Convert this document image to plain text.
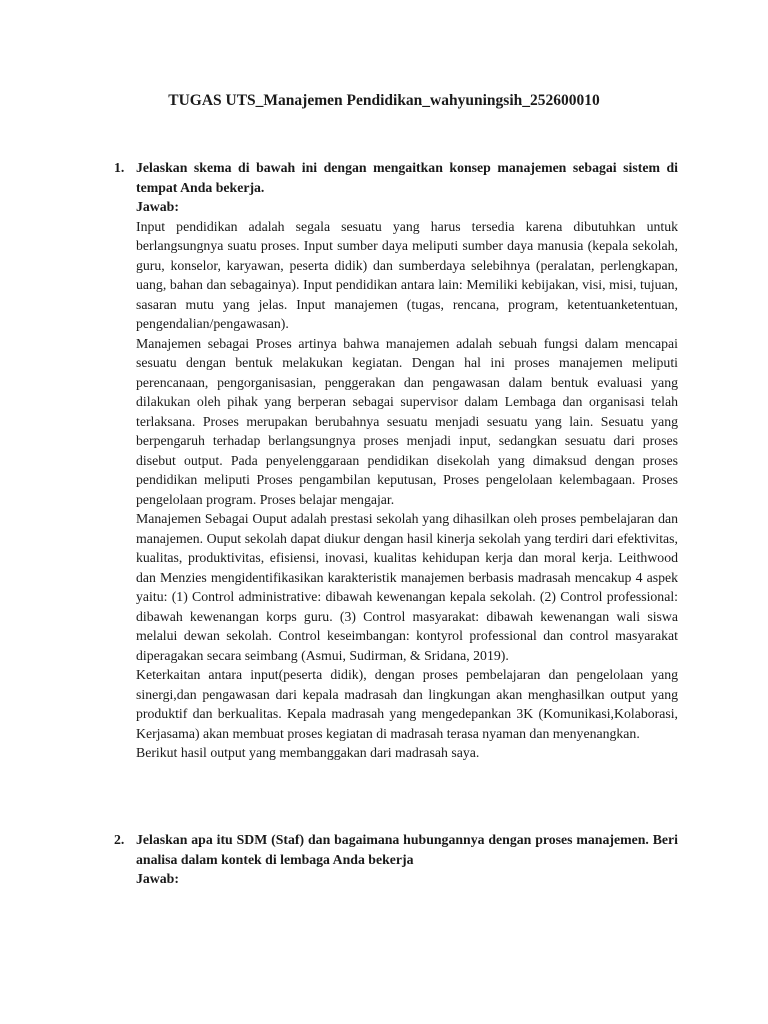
TUGAS UTS_Manajemen Pendidikan_wahyuningsih_252600010
1. Jelaskan skema di bawah ini dengan mengaitkan konsep manajemen sebagai sistem di tempat Anda bekerja.
Jawab:

Input pendidikan adalah segala sesuatu yang harus tersedia karena dibutuhkan untuk berlangsungnya suatu proses. Input sumber daya meliputi sumber daya manusia (kepala sekolah, guru, konselor, karyawan, peserta didik) dan sumberdaya selebihnya (peralatan, perlengkapan, uang, bahan dan sebagainya). Input pendidikan antara lain: Memiliki kebijakan, visi, misi, tujuan, sasaran mutu yang jelas. Input manajemen (tugas, rencana, program, ketentuanketentuan, pengendalian/pengawasan).

Manajemen sebagai Proses artinya bahwa manajemen adalah sebuah fungsi dalam mencapai sesuatu dengan bentuk melakukan kegiatan. Dengan hal ini proses manajemen meliputi perencanaan, pengorganisasian, penggerakan dan pengawasan dalam bentuk evaluasi yang dilakukan oleh pihak yang berperan sebagai supervisor dalam Lembaga dan organisasi telah terlaksana. Proses merupakan berubahnya sesuatu menjadi sesuatu yang lain. Sesuatu yang berpengaruh terhadap berlangsungnya proses menjadi input, sedangkan sesuatu dari proses disebut output. Pada penyelenggaraan pendidikan disekolah yang dimaksud dengan proses pendidikan meliputi Proses pengambilan keputusan, Proses pengelolaan kelembagaan. Proses pengelolaan program. Proses belajar mengajar.

Manajemen Sebagai Ouput adalah prestasi sekolah yang dihasilkan oleh proses pembelajaran dan manajemen. Ouput sekolah dapat diukur dengan hasil kinerja sekolah yang terdiri dari efektivitas, kualitas, produktivitas, efisiensi, inovasi, kualitas kehidupan kerja dan moral kerja. Leithwood dan Menzies mengidentifikasikan karakteristik manajemen berbasis madrasah mencakup 4 aspek yaitu: (1) Control administrative: dibawah kewenangan kepala sekolah. (2) Control professional: dibawah kewenangan korps guru. (3) Control masyarakat: dibawah kewenangan wali siswa melalui dewan sekolah. Control keseimbangan: kontyrol professional dan control masyarakat diperagakan secara seimbang (Asmui, Sudirman, & Sridana, 2019).

Keterkaitan antara input(peserta didik), dengan proses pembelajaran dan pengelolaan yang sinergi,dan pengawasan dari kepala madrasah dan lingkungan akan menghasilkan output yang produktif dan berkualitas. Kepala madrasah yang mengedepankan 3K (Komunikasi,Kolaborasi, Kerjasama) akan membuat proses kegiatan di madrasah terasa nyaman dan menyenangkan.

Berikut hasil output yang membanggakan dari madrasah saya.

2. Jelaskan apa itu SDM (Staf) dan bagaimana hubungannya dengan proses manajemen. Beri analisa dalam kontek di lembaga Anda bekerja
Jawab:
